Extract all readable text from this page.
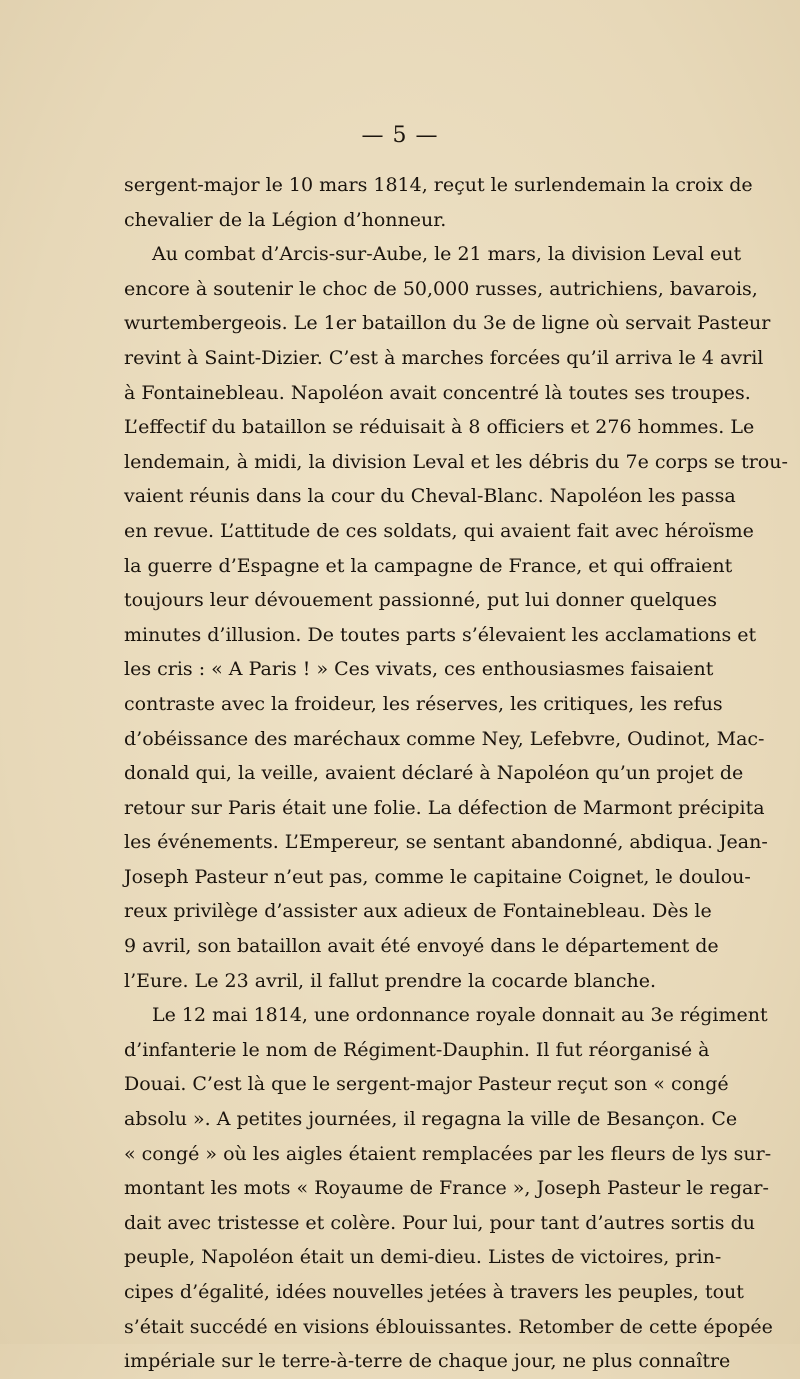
— 5 —
sergent-major le 10 mars 1814, reçut le surlendemain la croix de
chevalier de la Légion d’honneur.
Au combat d’Arcis-sur-Aube, le 21 mars, la division Leval eut
encore à soutenir le choc de 50,000 russes, autrichiens, bavarois,
wurtembergeois. Le 1er bataillon du 3e de ligne où servait Pasteur
revint à Saint-Dizier. C’est à marches forcées qu’il arriva le 4 avril
à Fontainebleau. Napoléon avait concentré là toutes ses troupes.
L’effectif du bataillon se réduisait à 8 officiers et 276 hommes. Le
lendemain, à midi, la division Leval et les débris du 7e corps se trou-
vaient réunis dans la cour du Cheval-Blanc. Napoléon les passa
en revue. L’attitude de ces soldats, qui avaient fait avec héroïsme
la guerre d’Espagne et la campagne de France, et qui offraient
toujours leur dévouement passionné, put lui donner quelques
minutes d’illusion. De toutes parts s’élevaient les acclamations et
les cris : « A Paris ! » Ces vivats, ces enthousiasmes faisaient
contraste avec la froideur, les réserves, les critiques, les refus
d’obéissance des maréchaux comme Ney, Lefebvre, Oudinot, Mac-
donald qui, la veille, avaient déclaré à Napoléon qu’un projet de
retour sur Paris était une folie. La défection de Marmont précipita
les événements. L’Empereur, se sentant abandonné, abdiqua. Jean-
Joseph Pasteur n’eut pas, comme le capitaine Coignet, le doulou-
reux privilège d’assister aux adieux de Fontainebleau. Dès le
9 avril, son bataillon avait été envoyé dans le département de
l’Eure. Le 23 avril, il fallut prendre la cocarde blanche.
Le 12 mai 1814, une ordonnance royale donnait au 3e régiment
d’infanterie le nom de Régiment-Dauphin. Il fut réorganisé à
Douai. C’est là que le sergent-major Pasteur reçut son « congé
absolu ». A petites journées, il regagna la ville de Besançon. Ce
« congé » où les aigles étaient remplacées par les fleurs de lys sur-
montant les mots « Royaume de France », Joseph Pasteur le regar-
dait avec tristesse et colère. Pour lui, pour tant d’autres sortis du
peuple, Napoléon était un demi-dieu. Listes de victoires, prin-
cipes d’égalité, idées nouvelles jetées à travers les peuples, tout
s’était succédé en visions éblouissantes. Retomber de cette épopée
impériale sur le terre-à-terre de chaque jour, ne plus connaître
